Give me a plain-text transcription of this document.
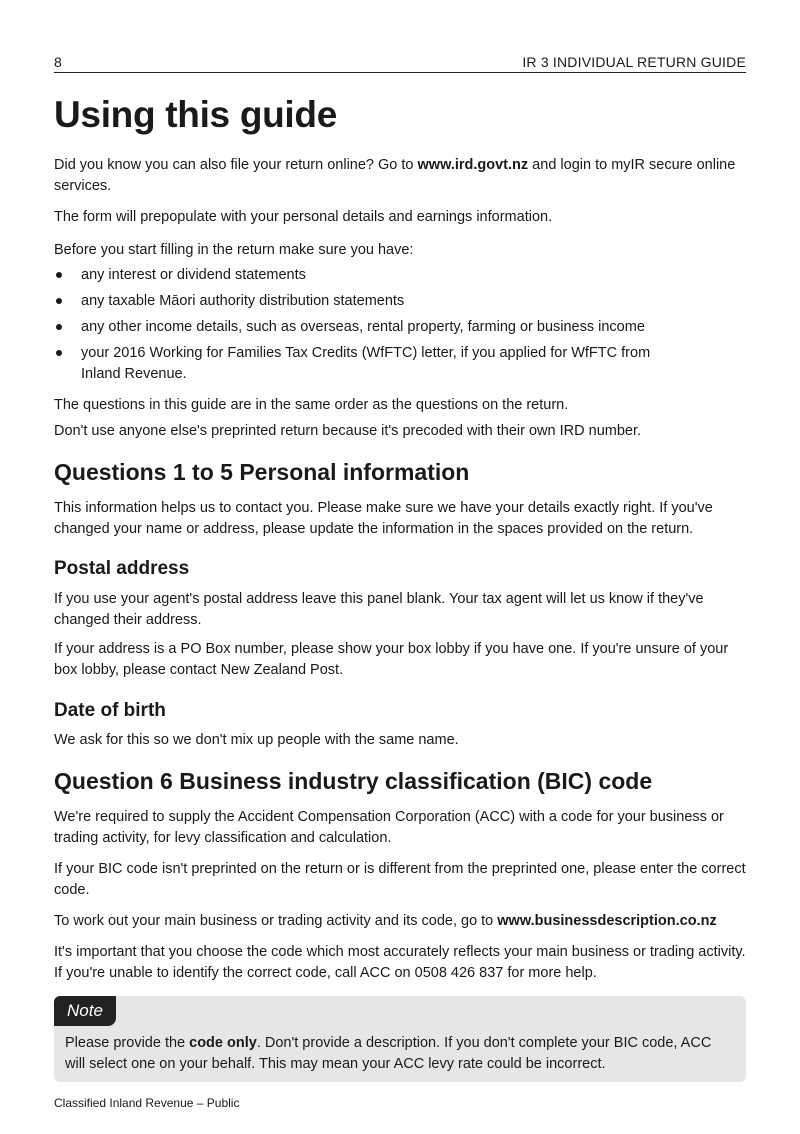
8	IR 3 INDIVIDUAL RETURN GUIDE
Using this guide

Did you know you can also file your return online? Go to www.ird.govt.nz and login to myIR secure online services.

The form will prepopulate with your personal details and earnings information.

Before you start filling in the return make sure you have:

any interest or dividend statements
any taxable Māori authority distribution statements
any other income details, such as overseas, rental property, farming or business income
your 2016 Working for Families Tax Credits (WfFTC) letter, if you applied for WfFTC from Inland Revenue.

The questions in this guide are in the same order as the questions on the return.

Don't use anyone else's preprinted return because it's precoded with their own IRD number.

Questions 1 to 5 Personal information

This information helps us to contact you. Please make sure we have your details exactly right. If you've changed your name or address, please update the information in the spaces provided on the return.

Postal address

If you use your agent's postal address leave this panel blank. Your tax agent will let us know if they've changed their address.

If your address is a PO Box number, please show your box lobby if you have one. If you're unsure of your box lobby, please contact New Zealand Post.

Date of birth

We ask for this so we don't mix up people with the same name.

Question 6 Business industry classification (BIC) code

We're required to supply the Accident Compensation Corporation (ACC) with a code for your business or trading activity, for levy classification and calculation.

If your BIC code isn't preprinted on the return or is different from the preprinted one, please enter the correct code.

To work out your main business or trading activity and its code, go to www.businessdescription.co.nz

It's important that you choose the code which most accurately reflects your main business or trading activity. If you're unable to identify the correct code, call ACC on 0508 426 837 for more help.

Note
Please provide the code only. Don't provide a description. If you don't complete your BIC code, ACC will select one on your behalf. This may mean your ACC levy rate could be incorrect.
Classified Inland Revenue – Public
